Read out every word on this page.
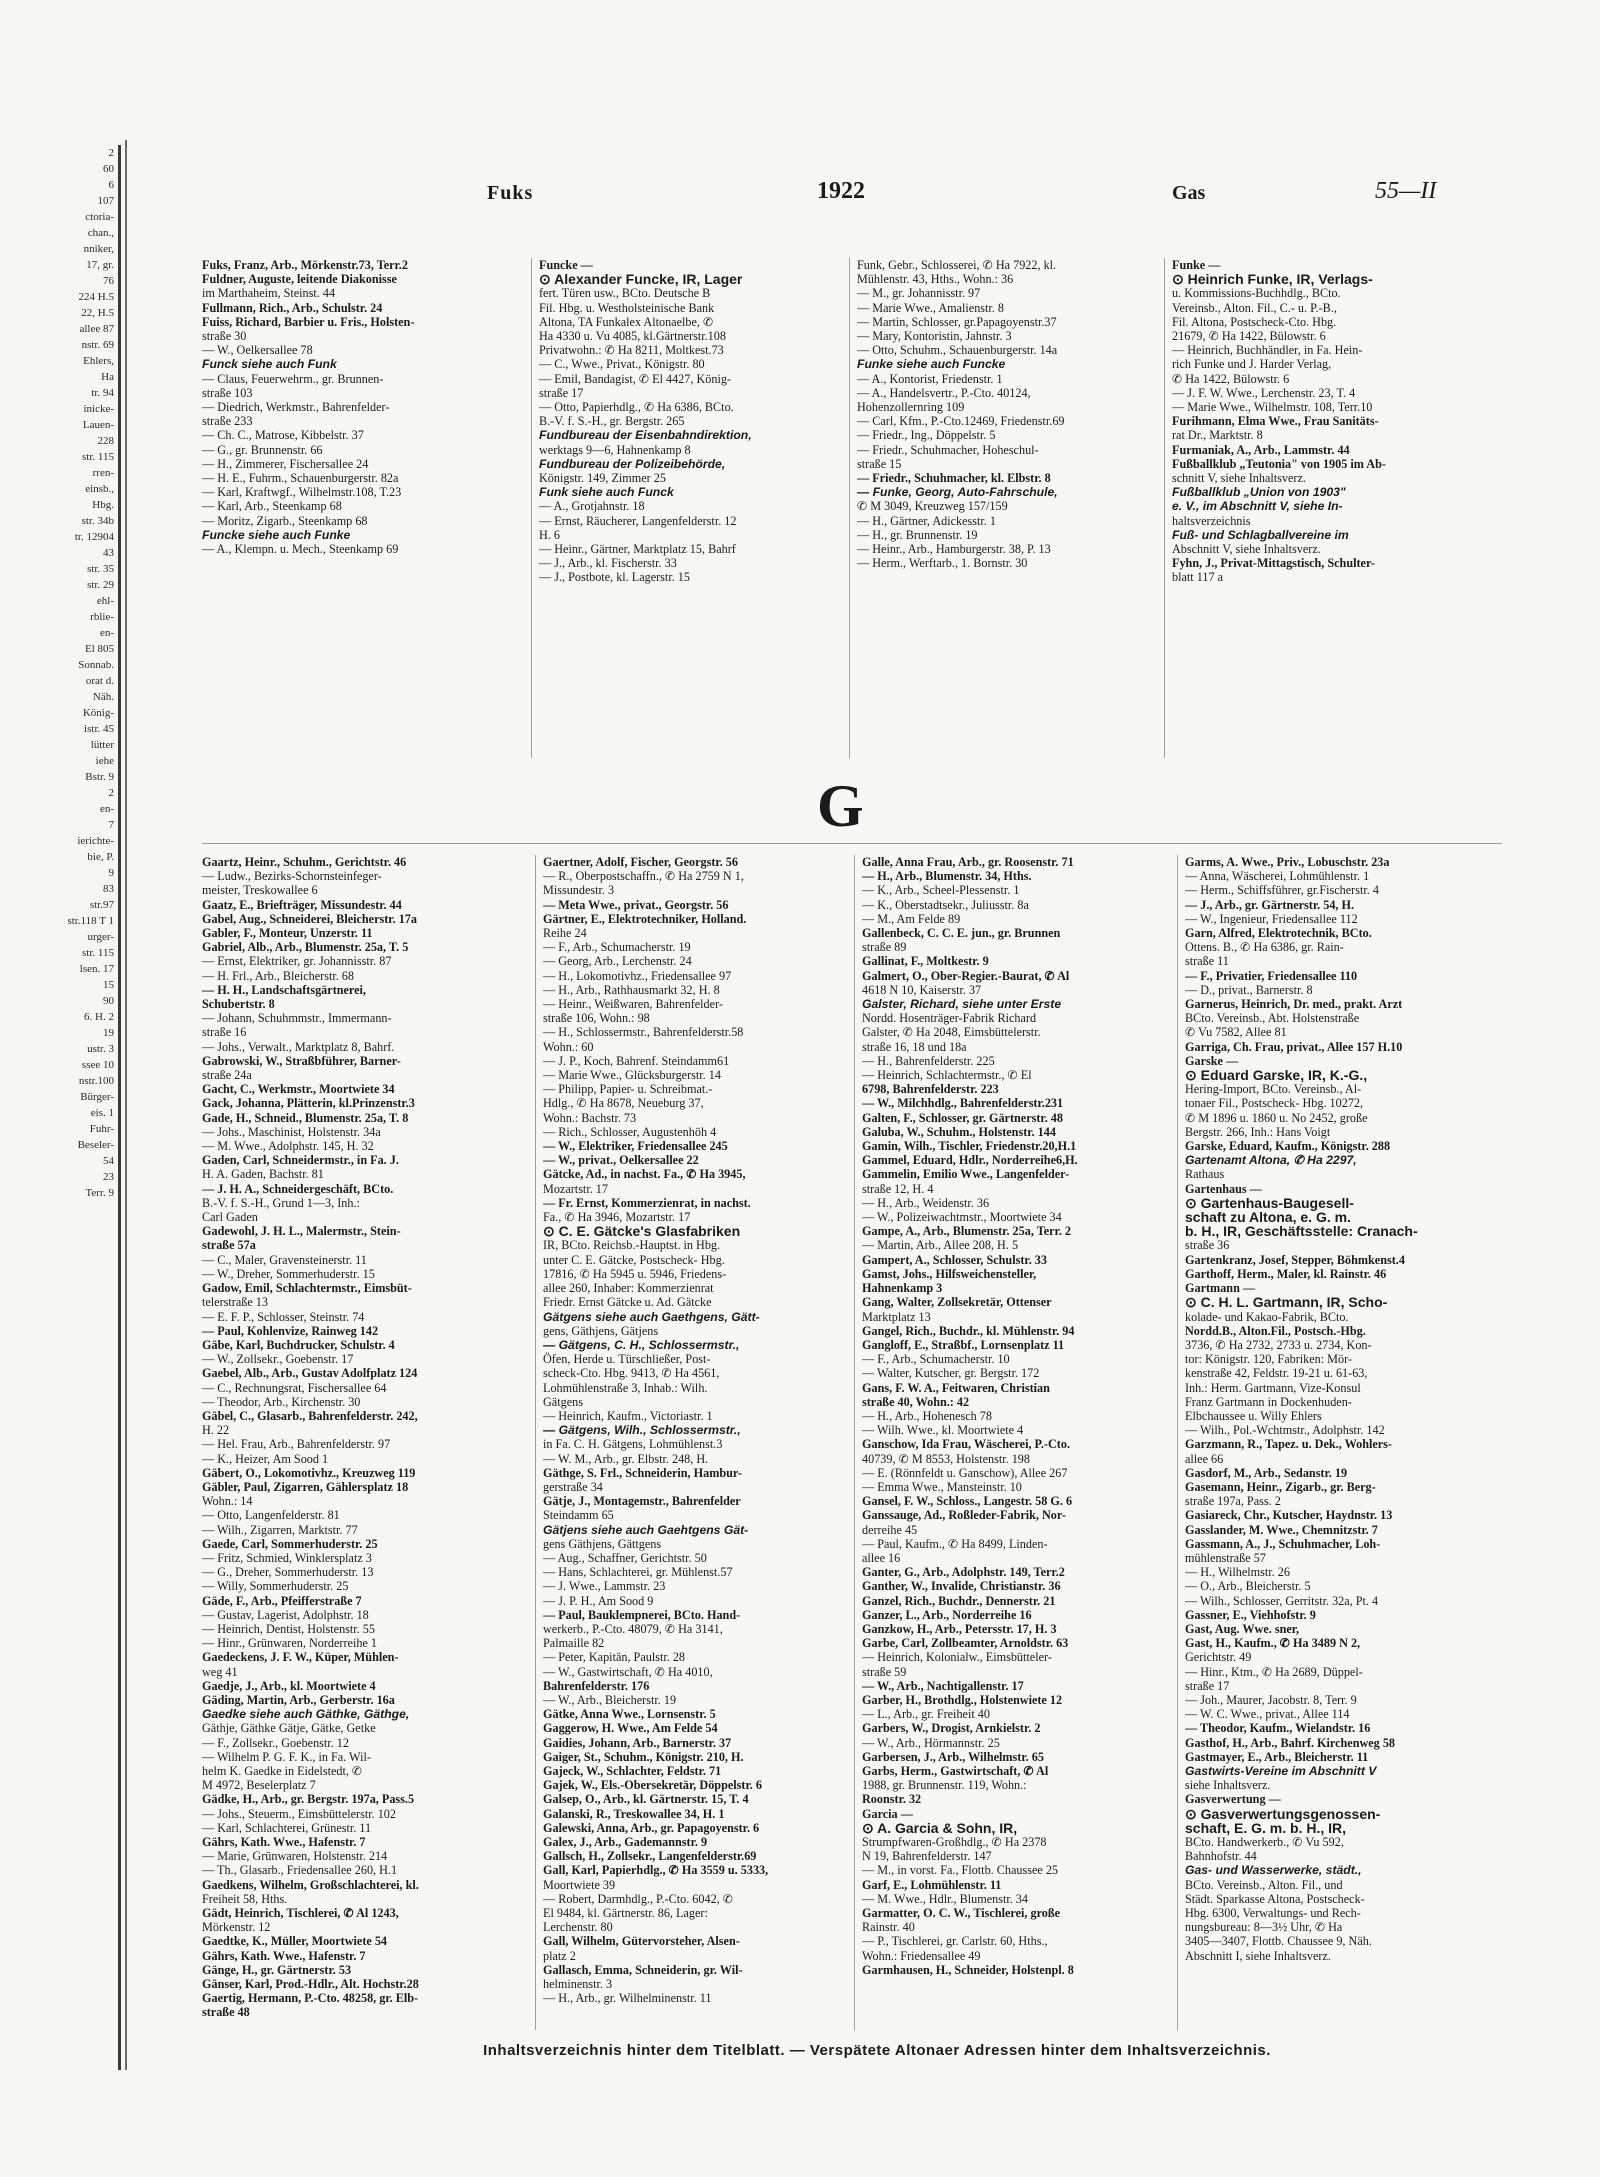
2
60
6
107
ctoria-
chan.,
nniker,
17, gr.
76
224 H.5
22, H.5
allee 87
nstr. 69
Ehlers,
Ha
tr. 94
inicke-
Lauen-
228
str. 115
rren-
einsb.,
Hbg.
str. 34b
tr. 12904
43
str. 35
str. 29
ehl-
rblie-
en-
El 805
Sonnab.
orat d.
Näh.
König-
istr. 45
lütter
iehe
Bstr. 9
2
en-
7
ierichte-
bie, P.
9
83
str.97
str.118 T 1
urger-
str. 115
lsen. 17
15
90
6. H. 2
19
ustr. 3
ssee 10
nstr.100
Bürger-
eis. 1
Fuhr-
Beseler-
54
23
Terr. 9
Fuks	1922	Gas	55—II
Fuks, Franz, Arb., Mörkenstr.73, Terr.2
Fuldner, Auguste, leitende Diakonisse
im Marthaheim, Steinst. 44
Fullmann, Rich., Arb., Schulstr. 24
Fuiss, Richard, Barbier u. Fris., Holsten-
straße 30
— W., Oelkersallee 78
Funck siehe auch Funk
— Claus, Feuerwehrm., gr. Brunnen-
straße 103
— Diedrich, Werkmstr., Bahrenfelder-
straße 233
— Ch. C., Matrose, Kibbelstr. 37
— G., gr. Brunnenstr. 66
— H., Zimmerer, Fischersallee 24
— H. E., Fuhrm., Schauenburgerstr. 82a
— Karl, Kraftwgf., Wilhelmstr.108, T.23
— Karl, Arb., Steenkamp 68
— Moritz, Zigarb., Steenkamp 68
Funcke siehe auch Funke
— A., Klempn. u. Mech., Steenkamp 69
Funcke —
⊙ Alexander Funcke, IR, Lager
fert. Türen usw., BCto. Deutsche B
Fil. Hbg. u. Westholsteinische Bank
Altona, TA Funkalex Altonaelbe, ✆
Ha 4330 u. Vu 4085, kl.Gärtnerstr.108
Privatwohn.: ✆ Ha 8211, Moltkest.73
— C., Wwe., Privat., Königstr. 80
— Emil, Bandagist, ✆ El 4427, König-
straße 17
— Otto, Papierhdlg., ✆ Ha 6386, BCto.
B.-V. f. S.-H., gr. Bergstr. 265
Fundbureau der Eisenbahndirektion,
werktags 9—6, Hahnenkamp 8
Fundbureau der Polizeibehörde,
Königstr. 149, Zimmer 25
Funk siehe auch Funck
— A., Grotjahnstr. 18
— Ernst, Räucherer, Langenfelderstr. 12
H. 6
— Heinr., Gärtner, Marktplatz 15, Bahrf
— J., Arb., kl. Fischerstr. 33
— J., Postbote, kl. Lagerstr. 15
Funk, Gebr., Schlosserei, ✆ Ha 7922, kl.
Mühlenstr. 43, Hths., Wohn.: 36
— M., gr. Johannisstr. 97
— Marie Wwe., Amalienstr. 8
— Martin, Schlosser, gr.Papagoyenstr.37
— Mary, Kontoristin, Jahnstr. 3
— Otto, Schuhm., Schauenburgerstr. 14a
Funke siehe auch Funcke
— A., Kontorist, Friedenstr. 1
— A., Handelsvertr., P.-Cto. 40124,
Hohenzollernring 109
— Carl, Kfm., P.-Cto.12469, Friedenstr.69
— Friedr., Ing., Döppelstr. 5
— Friedr., Schuhmacher, Hoheschul-
straße 15
— Friedr., Schuhmacher, kl. Elbstr. 8
— Funke, Georg, Auto-Fahrschule,
✆ M 3049, Kreuzweg 157/159
— H., Gärtner, Adickesstr. 1
— H., gr. Brunnenstr. 19
— Heinr., Arb., Hamburgerstr. 38, P. 13
— Herm., Werftarb., 1. Bornstr. 30
Funke —
⊙ Heinrich Funke, IR, Verlags-
u. Kommissions-Buchhdlg., BCto.
Vereinsb., Alton. Fil., C.- u. P.-B.,
Fil. Altona, Postscheck-Cto. Hbg.
21679, ✆ Ha 1422, Bülowstr. 6
— Heinrich, Buchhändler, in Fa. Hein-
rich Funke und J. Harder Verlag,
✆ Ha 1422, Bülowstr. 6
— J. F. W. Wwe., Lerchenstr. 23, T. 4
— Marie Wwe., Wilhelmstr. 108, Terr.10
Furihmann, Elma Wwe., Frau Sanitäts-
rat Dr., Marktstr. 8
Furmaniak, A., Arb., Lammstr. 44
Fußballklub „Teutonia" von 1905 im Ab-
schnitt V, siehe Inhaltsverz.
Fußballklub „Union von 1903"
e. V., im Abschnitt V, siehe In-
haltsverzeichnis
Fuß- und Schlagballvereine im
Abschnitt V, siehe Inhaltsverz.
Fyhn, J., Privat-Mittagstisch, Schulter-
blatt 117 a
G
Gaartz, Heinr., Schuhm., Gerichtstr. 46
— Ludw., Bezirks-Schornsteinfeger-
meister, Treskowallee 6
Gaatz, E., Briefträger, Missundestr. 44
Gabel, Aug., Schneiderei, Bleicherstr. 17a
Gabler, F., Monteur, Unzerstr. 11
Gabriel, Alb., Arb., Blumenstr. 25a, T. 5
— Ernst, Elektriker, gr. Johannisstr. 87
— H. Frl., Arb., Bleicherstr. 68
— H. H., Landschaftsgärtnerei,
Schubertstr. 8
— Johann, Schuhmmstr., Immermann-
straße 16
— Johs., Verwalt., Marktplatz 8, Bahrf.
Gabrowski, W., Straßbführer, Barner-
straße 24a
Gacht, C., Werkmstr., Moortwiete 34
Gack, Johanna, Plätterin, kl.Prinzenstr.3
Gade, H., Schneid., Blumenstr. 25a, T. 8
— Johs., Maschinist, Holstenstr. 34a
— M. Wwe., Adolphstr. 145, H. 32
Gaden, Carl, Schneidermstr., in Fa. J.
H. A. Gaden, Bachstr. 81
— J. H. A., Schneidergeschäft, BCto.
B.-V. f. S.-H., Grund 1—3, Inh.:
Carl Gaden
Gadewohl, J. H. L., Malermstr., Stein-
straße 57a
— C., Maler, Gravensteinerstr. 11
— W., Dreher, Sommerhuderstr. 15
Gadow, Emil, Schlachtermstr., Eimsbüt-
telerstraße 13
— E. F. P., Schlosser, Steinstr. 74
— Paul, Kohlenvize, Rainweg 142
Gäbe, Karl, Buchdrucker, Schulstr. 4
— W., Zollsekr., Goebenstr. 17
Gaebel, Alb., Arb., Gustav Adolfplatz 124
— C., Rechnungsrat, Fischersallee 64
— Theodor, Arb., Kirchenstr. 30
Gäbel, C., Glasarb., Bahrenfelderstr. 242,
H. 22
— Hel. Frau, Arb., Bahrenfelderstr. 97
— K., Heizer, Am Sood 1
Gäbert, O., Lokomotivhz., Kreuzweg 119
Gäbler, Paul, Zigarren, Gählersplatz 18
Wohn.: 14
— Otto, Langenfelderstr. 81
— Wilh., Zigarren, Marktstr. 77
Gaede, Carl, Sommerhuderstr. 25
— Fritz, Schmied, Winklersplatz 3
— G., Dreher, Sommerhuderstr. 13
— Willy, Sommerhuderstr. 25
Gäde, F., Arb., Pfeifferstraße 7
— Gustav, Lagerist, Adolphstr. 18
— Heinrich, Dentist, Holstenstr. 55
— Hinr., Grünwaren, Norderreihe 1
Gaedeckens, J. F. W., Küper, Mühlen-
weg 41
Gaedje, J., Arb., kl. Moortwiete 4
Gäding, Martin, Arb., Gerberstr. 16a
Gaedke siehe auch Gäthke, Gäthge,
Gäthje, Gäthke Gätje, Gätke, Getke
— F., Zollsekr., Goebenstr. 12
— Wilhelm P. G. F. K., in Fa. Wil-
helm K. Gaedke in Eidelstedt, ✆
M 4972, Beselerplatz 7
Gädke, H., Arb., gr. Bergstr. 197a, Pass.5
— Johs., Steuerm., Eimsbüttelerstr. 102
— Karl, Schlachterei, Grünestr. 11
Gährs, Kath. Wwe., Hafenstr. 7
— Marie, Grünwaren, Holstenstr. 214
— Th., Glasarb., Friedensallee 260, H.1
Gaedkens, Wilhelm, Großschlachterei, kl.
Freiheit 58, Hths.
Gädt, Heinrich, Tischlerei, ✆ Al 1243,
Mörkenstr. 12
Gaedtke, K., Müller, Moortwiete 54
Gährs, Kath. Wwe., Hafenstr. 7
Gänge, H., gr. Gärtnerstr. 53
Gänser, Karl, Prod.-Hdlr., Alt. Hochstr.28
Gaertig, Hermann, P.-Cto. 48258, gr. Elb-
straße 48
Gaertner, Adolf, Fischer, Georgstr. 56
— R., Oberpostschaffn., ✆ Ha 2759 N 1,
Missundestr. 3
— Meta Wwe., privat., Georgstr. 56
Gärtner, E., Elektrotechniker, Holland.
Reihe 24
— F., Arb., Schumacherstr. 19
— Georg, Arb., Lerchenstr. 24
— H., Lokomotivhz., Friedensallee 97
— H., Arb., Rathhausmarkt 32, H. 8
— Heinr., Weißwaren, Bahrenfelder-
straße 106, Wohn.: 98
— H., Schlossermstr., Bahrenfelderstr.58
Wohn.: 60
— J. P., Koch, Bahrenf. Steindamm61
— Marie Wwe., Glücksburgerstr. 14
— Philipp, Papier- u. Schreibmat.-
Hdlg., ✆ Ha 8678, Neueburg 37,
Wohn.: Bachstr. 73
— Rich., Schlosser, Augustenhöh 4
— W., Elektriker, Friedensallee 245
— W., privat., Oelkersallee 22
Gätcke, Ad., in nachst. Fa., ✆ Ha 3945,
Mozartstr. 17
— Fr. Ernst, Kommerzienrat, in nachst.
Fa., ✆ Ha 3946, Mozartstr. 17
⊙ C. E. Gätcke's Glasfabriken
IR, BCto. Reichsb.-Hauptst. in Hbg.
unter C. E. Gätcke, Postscheck- Hbg.
17816, ✆ Ha 5945 u. 5946, Friedens-
allee 260, Inhaber: Kommerzienrat
Friedr. Ernst Gätcke u. Ad. Gätcke
Gätgens siehe auch Gaethgens, Gätt-
gens, Gäthjens, Gätjens
— Gätgens, C. H., Schlossermstr.,
Öfen, Herde u. Türschließer, Post-
scheck-Cto. Hbg. 9413, ✆ Ha 4561,
Lohmühlenstraße 3, Inhab.: Wilh.
Gätgens
— Heinrich, Kaufm., Victoriastr. 1
— Gätgens, Wilh., Schlossermstr.,
in Fa. C. H. Gätgens, Lohmühlenst.3
— W. M., Arb., gr. Elbstr. 248, H.
Gäthge, S. Frl., Schneiderin, Hambur-
gerstraße 34
Gätje, J., Montagemstr., Bahrenfelder
Steindamm 65
Gätjens siehe auch Gaehtgens Gät-
gens Gäthjens, Gättgens
— Aug., Schaffner, Gerichtstr. 50
— Hans, Schlachterei, gr. Mühlenst.57
— J. Wwe., Lammstr. 23
— J. P. H., Am Sood 9
— Paul, Bauklempnerei, BCto. Hand-
werkerb., P.-Cto. 48079, ✆ Ha 3141,
Palmaille 82
— Peter, Kapitän, Paulstr. 28
— W., Gastwirtschaft, ✆ Ha 4010,
Bahrenfelderstr. 176
— W., Arb., Bleicherstr. 19
Gätke, Anna Wwe., Lornsenstr. 5
Gaggerow, H. Wwe., Am Felde 54
Gaidies, Johann, Arb., Barnerstr. 37
Gaiger, St., Schuhm., Königstr. 210, H.
Gajeck, W., Schlachter, Feldstr. 71
Gajek, W., Els.-Obersekretär, Döppelstr. 6
Galsep, O., Arb., kl. Gärtnerstr. 15, T. 4
Galanski, R., Treskowallee 34, H. 1
Galewski, Anna, Arb., gr. Papagoyenstr. 6
Galex, J., Arb., Gademannstr. 9
Gallsch, H., Zollsekr., Langenfelderstr.69
Gall, Karl, Papierhdlg., ✆ Ha 3559 u. 5333,
Moortwiete 39
— Robert, Darmhdlg., P.-Cto. 6042, ✆
El 9484, kl. Gärtnerstr. 86, Lager:
Lerchenstr. 80
Gall, Wilhelm, Gütervorsteher, Alsen-
platz 2
Gallasch, Emma, Schneiderin, gr. Wil-
helminenstr. 3
— H., Arb., gr. Wilhelminenstr. 11
Galle, Anna Frau, Arb., gr. Roosenstr. 71
— H., Arb., Blumenstr. 34, Hths.
— K., Arb., Scheel-Plessenstr. 1
— K., Oberstadtsekr., Juliusstr. 8a
— M., Am Felde 89
Gallenbeck, C. C. E. jun., gr. Brunnen
straße 89
Gallinat, F., Moltkestr. 9
Galmert, O., Ober-Regier.-Baurat, ✆ Al
4618 N 10, Kaiserstr. 37
Galster, Richard, siehe unter Erste
Nordd. Hosenträger-Fabrik Richard
Galster, ✆ Ha 2048, Eimsbüttelerstr.
straße 16, 18 und 18a
— H., Bahrenfelderstr. 225
— Heinrich, Schlachtermstr., ✆ El
6798, Bahrenfelderstr. 223
— W., Milchhdlg., Bahrenfelderstr.231
Galten, F., Schlosser, gr. Gärtnerstr. 48
Galuba, W., Schuhm., Holstenstr. 144
Gamin, Wilh., Tischler, Friedenstr.20,H.1
Gammel, Eduard, Hdlr., Norderreihe6,H.
Gammelin, Emilio Wwe., Langenfelder-
straße 12, H. 4
— H., Arb., Weidenstr. 36
— W., Polizeiwachtmstr., Moortwiete 34
Gampe, A., Arb., Blumenstr. 25a, Terr. 2
— Martin, Arb., Allee 208, H. 5
Gampert, A., Schlosser, Schulstr. 33
Gamst, Johs., Hilfsweichensteller,
Hahnenkamp 3
Gang, Walter, Zollsekretär, Ottenser
Marktplatz 13
Gangel, Rich., Buchdr., kl. Mühlenstr. 94
Gangloff, E., Straßbf., Lornsenplatz 11
— F., Arb., Schumacherstr. 10
— Walter, Kutscher, gr. Bergstr. 172
Gans, F. W. A., Feitwaren, Christian
straße 40, Wohn.: 42
— H., Arb., Hohenesch 78
— Wilh. Wwe., kl. Moortwiete 4
Ganschow, Ida Frau, Wäscherei, P.-Cto.
40739, ✆ M 8553, Holstenstr. 198
— E. (Rönnfeldt u. Ganschow), Allee 267
— Emma Wwe., Mansteinstr. 10
Gansel, F. W., Schloss., Langestr. 58 G. 6
Ganssauge, Ad., Roßleder-Fabrik, Nor-
derreihe 45
— Paul, Kaufm., ✆ Ha 8499, Linden-
allee 16
Ganter, G., Arb., Adolphstr. 149, Terr.2
Ganther, W., Invalide, Christianstr. 36
Ganzel, Rich., Buchdr., Dennerstr. 21
Ganzer, L., Arb., Norderreihe 16
Ganzkow, H., Arb., Petersstr. 17, H. 3
Garbe, Carl, Zollbeamter, Arnoldstr. 63
— Heinrich, Kolonialw., Eimsbütteler-
straße 59
— W., Arb., Nachtigallenstr. 17
Garber, H., Brothdlg., Holstenwiete 12
— L., Arb., gr. Freiheit 40
Garbers, W., Drogist, Arnkielstr. 2
— W., Arb., Hörmannstr. 25
Garbersen, J., Arb., Wilhelmstr. 65
Garbs, Herm., Gastwirtschaft, ✆ Al
1988, gr. Brunnenstr. 119, Wohn.:
Roonstr. 32
Garcia —
⊙ A. Garcia & Sohn, IR,
Strumpfwaren-Großhdlg., ✆ Ha 2378
N 19, Bahrenfelderstr. 147
— M., in vorst. Fa., Flottb. Chaussee 25
Garf, E., Lohmühlenstr. 11
— M. Wwe., Hdlr., Blumenstr. 34
Garmatter, O. C. W., Tischlerei, große
Rainstr. 40
— P., Tischlerei, gr. Carlstr. 60, Hths.,
Wohn.: Friedensallee 49
Garmhausen, H., Schneider, Holstenpl. 8
Garms, A. Wwe., Priv., Lobuschstr. 23a
— Anna, Wäscherei, Lohmühlenstr. 1
— Herm., Schiffsführer, gr.Fischerstr. 4
— J., Arb., gr. Gärtnerstr. 54, H.
— W., Ingenieur, Friedensallee 112
Garn, Alfred, Elektrotechnik, BCto.
Ottens. B., ✆ Ha 6386, gr. Rain-
straße 11
— F., Privatier, Friedensallee 110
— D., privat., Barnerstr. 8
Garnerus, Heinrich, Dr. med., prakt. Arzt
BCto. Vereinsb., Abt. Holstenstraße
✆ Vu 7582, Allee 81
Garriga, Ch. Frau, privat., Allee 157 H.10
Garske —
⊙ Eduard Garske, IR, K.-G.,
Hering-Import, BCto. Vereinsb., Al-
tonaer Fil., Postscheck- Hbg. 10272,
✆ M 1896 u. 1860 u. No 2452, große
Bergstr. 266, Inh.: Hans Voigt
Garske, Eduard, Kaufm., Königstr. 288
Gartenamt Altona, ✆ Ha 2297,
Rathaus
Gartenhaus —
⊙ Gartenhaus-Baugesell-
schaft zu Altona, e. G. m.
b. H., IR, Geschäftsstelle: Cranach-
straße 36
Gartenkranz, Josef, Stepper, Böhmkenst.4
Garthoff, Herm., Maler, kl. Rainstr. 46
Gartmann —
⊙ C. H. L. Gartmann, IR, Scho-
kolade- und Kakao-Fabrik, BCto.
Nordd.B., Alton.Fil., Postsch.-Hbg.
3736, ✆ Ha 2732, 2733 u. 2734, Kon-
tor: Königstr. 120, Fabriken: Mör-
kenstraße 42, Feldstr. 19-21 u. 61-63,
Inh.: Herm. Gartmann, Vize-Konsul
Franz Gartmann in Dockenhuden-
Elbchaussee u. Willy Ehlers
— Wilh., Pol.-Wchtmstr., Adolphstr. 142
Garzmann, R., Tapez. u. Dek., Wohlers-
allee 66
Gasdorf, M., Arb., Sedanstr. 19
Gasemann, Heinr., Zigarb., gr. Berg-
straße 197a, Pass. 2
Gasiareck, Chr., Kutscher, Haydnstr. 13
Gasslander, M. Wwe., Chemnitzstr. 7
Gassmann, A., J., Schuhmacher, Loh-
mühlenstraße 57
— H., Wilhelmstr. 26
— O., Arb., Bleicherstr. 5
— Wilh., Schlosser, Gerritstr. 32a, Pt. 4
Gassner, E., Viehhofstr. 9
Gast, Aug. Wwe. sner,
Gast, H., Kaufm., ✆ Ha 3489 N 2,
Gerichtstr. 49
— Hinr., Ktm., ✆ Ha 2689, Düppel-
straße 17
— Joh., Maurer, Jacobstr. 8, Terr. 9
— W. C. Wwe., privat., Allee 114
— Theodor, Kaufm., Wielandstr. 16
Gasthof, H., Arb., Bahrf. Kirchenweg 58
Gastmayer, E., Arb., Bleicherstr. 11
Gastwirts-Vereine im Abschnitt V
siehe Inhaltsverz.
Gasverwertung —
⊙ Gasverwertungsgenossen-
schaft, E. G. m. b. H., IR,
BCto. Handwerkerb., ✆ Vu 592,
Bahnhofstr. 44
Gas- und Wasserwerke, städt.,
BCto. Vereinsb., Alton. Fil., und
Städt. Sparkasse Altona, Postscheck-
Hbg. 6300, Verwaltungs- und Rech-
nungsbureau: 8—3½ Uhr, ✆ Ha
3405—3407, Flottb. Chaussee 9, Näh.
Abschnitt I, siehe Inhaltsverz.
Inhaltsverzeichnis hinter dem Titelblatt. — Verspätete Altonaer Adressen hinter dem Inhaltsverzeichnis.
